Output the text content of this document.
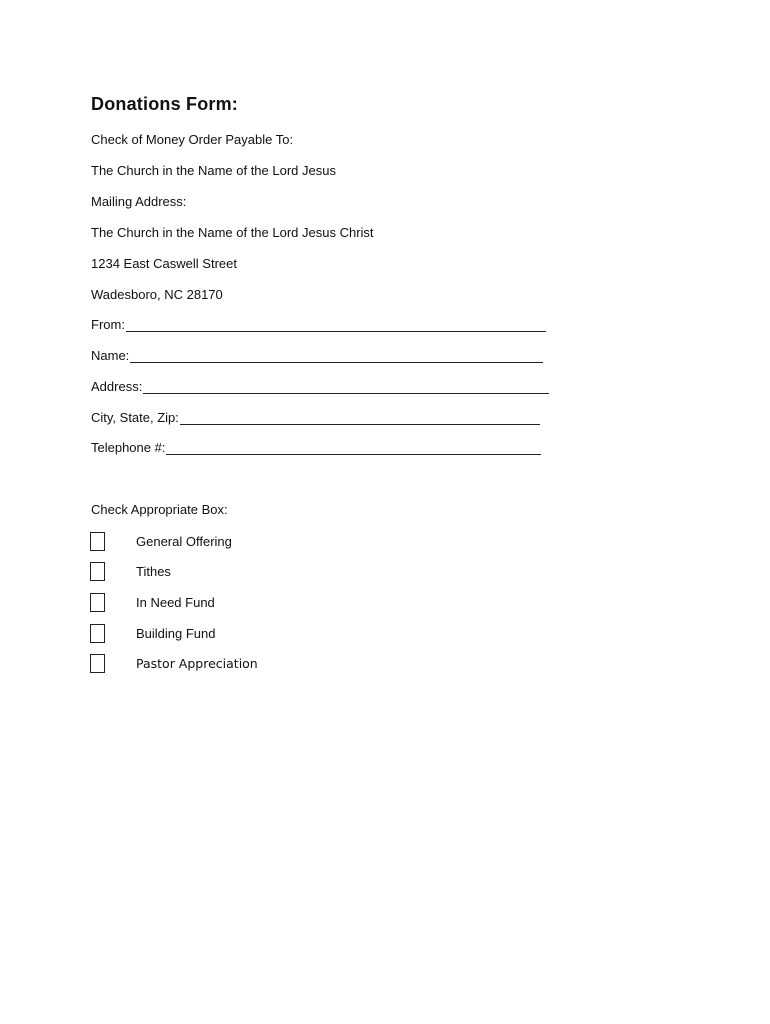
Donations Form:
Check of Money Order Payable To:
The Church in the Name of the Lord Jesus
Mailing Address:
The Church in the Name of the Lord Jesus Christ
1234 East Caswell Street
Wadesboro, NC 28170
From:
Name:
Address:
City, State, Zip:
Telephone #:
Check Appropriate Box:
General Offering
Tithes
In Need Fund
Building Fund
Pastor Appreciation
